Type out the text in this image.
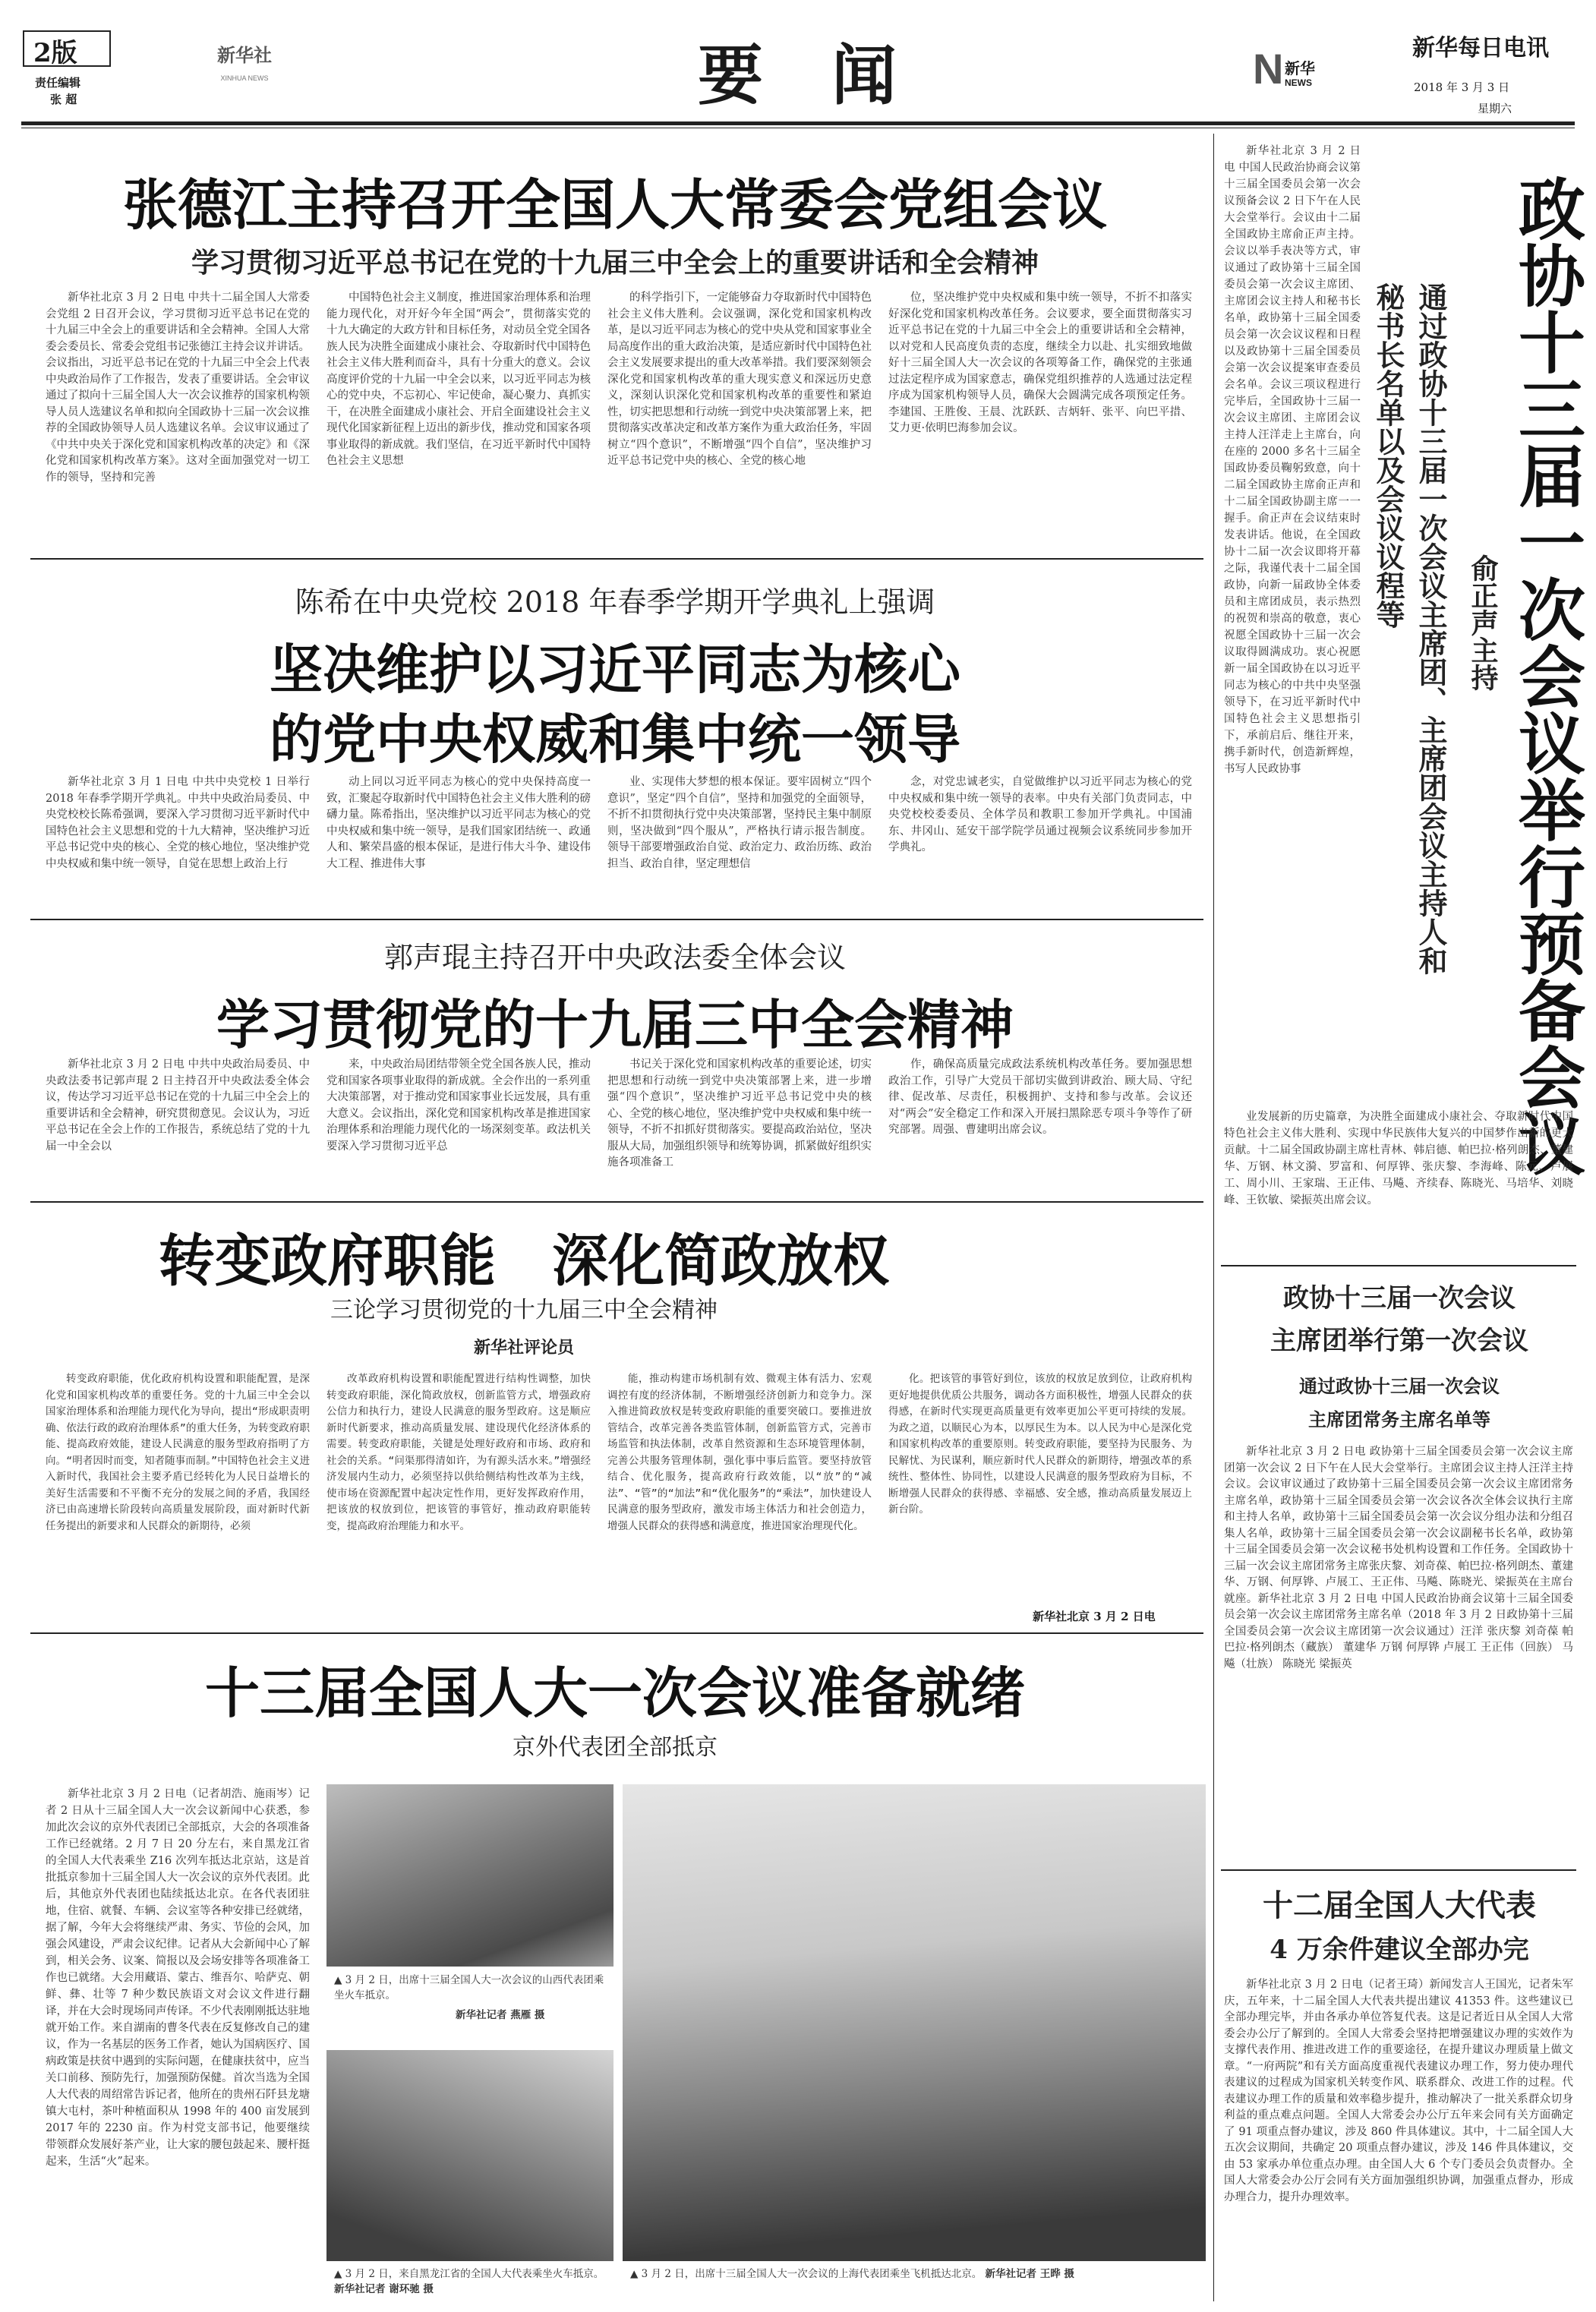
2版
责任编辑
张 超
新华社
XINHUA NEWS	要 闻	N 新华
NEWS
新华每日电讯
2018 年 3 月 3 日
星期六
张德江主持召开全国人大常委会党组会议
学习贯彻习近平总书记在党的十九届三中全会上的重要讲话和全会精神

新华社北京 3 月 2 日电 中共十二届全国人大常委会党组 2 日召开会议，学习贯彻习近平总书记在党的十九届三中全会上的重要讲话和全会精神。全国人大常委会委员长、常委会党组书记张德江主持会议并讲话。会议指出，习近平总书记在党的十九届三中全会上代表中央政治局作了工作报告，发表了重要讲话。全会审议通过了拟向十三届全国人大一次会议推荐的国家机构领导人员人选建议名单和拟向全国政协十三届一次会议推荐的全国政协领导人员人选建议名单。会议审议通过了《中共中央关于深化党和国家机构改革的决定》和《深化党和国家机构改革方案》。这对全面加强党对一切工作的领导，坚持和完善

中国特色社会主义制度，推进国家治理体系和治理能力现代化，对开好今年全国“两会”，贯彻落实党的十九大确定的大政方针和目标任务，对动员全党全国各族人民为决胜全面建成小康社会、夺取新时代中国特色社会主义伟大胜利而奋斗，具有十分重大的意义。会议高度评价党的十九届一中全会以来，以习近平同志为核心的党中央，不忘初心、牢记使命，凝心聚力、真抓实干，在决胜全面建成小康社会、开启全面建设社会主义现代化国家新征程上迈出的新步伐，推动党和国家各项事业取得的新成就。我们坚信，在习近平新时代中国特色社会主义思想

的科学指引下，一定能够奋力夺取新时代中国特色社会主义伟大胜利。会议强调，深化党和国家机构改革，是以习近平同志为核心的党中央从党和国家事业全局高度作出的重大政治决策，是适应新时代中国特色社会主义发展要求提出的重大改革举措。我们要深刻领会深化党和国家机构改革的重大现实意义和深远历史意义，深刻认识深化党和国家机构改革的重要性和紧迫性，切实把思想和行动统一到党中央决策部署上来，把贯彻落实改革决定和改革方案作为重大政治任务，牢固树立“四个意识”，不断增强“四个自信”，坚决维护习近平总书记党中央的核心、全党的核心地

位，坚决维护党中央权威和集中统一领导，不折不扣落实好深化党和国家机构改革任务。会议要求，要全面贯彻落实习近平总书记在党的十九届三中全会上的重要讲话和全会精神，以对党和人民高度负责的态度，继续全力以赴、扎实细致地做好十三届全国人大一次会议的各项筹备工作，确保党的主张通过法定程序成为国家意志，确保党组织推荐的人选通过法定程序成为国家机构领导人员，确保大会圆满完成各项预定任务。李建国、王胜俊、王晨、沈跃跃、吉炳轩、张平、向巴平措、艾力更·依明巴海参加会议。

陈希在中央党校 2018 年春季学期开学典礼上强调
坚决维护以习近平同志为核心
的党中央权威和集中统一领导

新华社北京 3 月 1 日电 中共中央党校 1 日举行 2018 年春季学期开学典礼。中共中央政治局委员、中央党校校长陈希强调，要深入学习贯彻习近平新时代中国特色社会主义思想和党的十九大精神，坚决维护习近平总书记党中央的核心、全党的核心地位，坚决维护党中央权威和集中统一领导，自觉在思想上政治上行

动上同以习近平同志为核心的党中央保持高度一致，汇聚起夺取新时代中国特色社会主义伟大胜利的磅礴力量。陈希指出，坚决维护以习近平同志为核心的党中央权威和集中统一领导，是我们国家团结统一、政通人和、繁荣昌盛的根本保证，是进行伟大斗争、建设伟大工程、推进伟大事

业、实现伟大梦想的根本保证。要牢固树立“四个意识”，坚定“四个自信”，坚持和加强党的全面领导，不折不扣贯彻执行党中央决策部署，坚持民主集中制原则，坚决做到“四个服从”，严格执行请示报告制度。领导干部要增强政治自觉、政治定力、政治历练、政治担当、政治自律，坚定理想信

念，对党忠诚老实，自觉做维护以习近平同志为核心的党中央权威和集中统一领导的表率。中央有关部门负责同志，中央党校校委委员、全体学员和教职工参加开学典礼。中国浦东、井冈山、延安干部学院学员通过视频会议系统同步参加开学典礼。

郭声琨主持召开中央政法委全体会议
学习贯彻党的十九届三中全会精神

新华社北京 3 月 2 日电 中共中央政治局委员、中央政法委书记郭声琨 2 日主持召开中央政法委全体会议，传达学习习近平总书记在党的十九届三中全会上的重要讲话和全会精神，研究贯彻意见。会议认为，习近平总书记在全会上作的工作报告，系统总结了党的十九届一中全会以

来，中央政治局团结带领全党全国各族人民，推动党和国家各项事业取得的新成就。全会作出的一系列重大决策部署，对于推动党和国家事业长远发展，具有重大意义。会议指出，深化党和国家机构改革是推进国家治理体系和治理能力现代化的一场深刻变革。政法机关要深入学习贯彻习近平总

书记关于深化党和国家机构改革的重要论述，切实把思想和行动统一到党中央决策部署上来，进一步增强“四个意识”，坚决维护习近平总书记党中央的核心、全党的核心地位，坚决维护党中央权威和集中统一领导，不折不扣抓好贯彻落实。要提高政治站位，坚决服从大局，加强组织领导和统筹协调，抓紧做好组织实施各项准备工

作，确保高质量完成政法系统机构改革任务。要加强思想政治工作，引导广大党员干部切实做到讲政治、顾大局、守纪律、促改革、尽责任，积极拥护、支持和参与改革。会议还对“两会”安全稳定工作和深入开展扫黑除恶专项斗争等作了研究部署。周强、曹建明出席会议。

转变政府职能　深化简政放权
三论学习贯彻党的十九届三中全会精神
新华社评论员

转变政府职能，优化政府机构设置和职能配置，是深化党和国家机构改革的重要任务。党的十九届三中全会以国家治理体系和治理能力现代化为导向，提出“形成职责明确、依法行政的政府治理体系”的重大任务，为转变政府职能、提高政府效能，建设人民满意的服务型政府指明了方向。“明者因时而变，知者随事而制。”中国特色社会主义进入新时代，我国社会主要矛盾已经转化为人民日益增长的美好生活需要和不平衡不充分的发展之间的矛盾，我国经济已由高速增长阶段转向高质量发展阶段，面对新时代新任务提出的新要求和人民群众的新期待，必须

改革政府机构设置和职能配置进行结构性调整，加快转变政府职能，深化简政放权，创新监管方式，增强政府公信力和执行力，建设人民满意的服务型政府。这是顺应新时代新要求，推动高质量发展、建设现代化经济体系的需要。转变政府职能，关键是处理好政府和市场、政府和社会的关系。“问渠那得清如许，为有源头活水来。”增强经济发展内生动力，必须坚持以供给侧结构性改革为主线，使市场在资源配置中起决定性作用，更好发挥政府作用，把该放的权放到位，把该管的事管好，推动政府职能转变，提高政府治理能力和水平。

能，推动构建市场机制有效、微观主体有活力、宏观调控有度的经济体制，不断增强经济创新力和竞争力。深入推进简政放权是转变政府职能的重要突破口。要推进放管结合，改革完善各类监管体制，创新监管方式，完善市场监管和执法体制，改革自然资源和生态环境管理体制，完善公共服务管理体制，强化事中事后监管。要坚持放管结合、优化服务，提高政府行政效能，以“放”的“减法”、“管”的“加法”和“优化服务”的“乘法”，加快建设人民满意的服务型政府，激发市场主体活力和社会创造力，增强人民群众的获得感和满意度，推进国家治理现代化。

化。把该管的事管好到位，该放的权放足放到位，让政府机构更好地提供优质公共服务，调动各方面积极性，增强人民群众的获得感，在新时代实现更高质量更有效率更加公平更可持续的发展。为政之道，以顺民心为本，以厚民生为本。以人民为中心是深化党和国家机构改革的重要原则。转变政府职能，要坚持为民服务、为民解忧、为民谋利，顺应新时代人民群众的新期待，增强改革的系统性、整体性、协同性，以建设人民满意的服务型政府为目标，不断增强人民群众的获得感、幸福感、安全感，推动高质量发展迈上新台阶。

新华社北京 3 月 2 日电
十三届全国人大一次会议准备就绪
京外代表团全部抵京

新华社北京 3 月 2 日电（记者胡浩、施雨岑）记者 2 日从十三届全国人大一次会议新闻中心获悉，参加此次会议的京外代表团已全部抵京，大会的各项准备工作已经就绪。2 月 7 日 20 分左右，来自黑龙江省的全国人大代表乘坐 Z16 次列车抵达北京站，这是首批抵京参加十三届全国人大一次会议的京外代表团。此后，其他京外代表团也陆续抵达北京。在各代表团驻地，住宿、就餐、车辆、会议室等各种安排已经就绪，据了解，今年大会将继续严肃、务实、节俭的会风，加强会风建设，严肃会议纪律。记者从大会新闻中心了解到，相关会务、议案、简报以及会场安排等各项准备工作也已就绪。大会用藏语、蒙古、维吾尔、哈萨克、朝鲜、彝、壮等 7 种少数民族语文对会议文件进行翻译，并在大会时现场同声传译。不少代表刚刚抵达驻地就开始工作。来自湖南的曹冬代表在反复修改自己的建议，作为一名基层的医务工作者，她认为国病医疗、国病政策是扶贫中遇到的实际问题，在健康扶贫中，应当关口前移、预防先行，加强预防保健。首次当选为全国人大代表的周绍常告诉记者，他所在的贵州石阡县龙塘镇大屯村，茶叶种植面积从 1998 年的 400 亩发展到 2017 年的 2230 亩。作为村党支部书记，他要继续带领群众发展好茶产业，让大家的腰包鼓起来、腰杆挺起来，生活“火”起来。

▲ 3 月 2 日，出席十三届全国人大一次会议的山西代表团乘坐火车抵京。
新华社记者 燕雁 摄
▲ 3 月 2 日，来自黑龙江省的全国人大代表乘坐火车抵京。 新华社记者 谢环驰 摄
▲ 3 月 2 日，出席十三届全国人大一次会议的上海代表团乘坐飞机抵达北京。 新华社记者 王晔 摄

新华社北京 3 月 2 日电 中国人民政治协商会议第十三届全国委员会第一次会议预备会议 2 日下午在人民大会堂举行。会议由十二届全国政协主席俞正声主持。会议以举手表决等方式，审议通过了政协第十三届全国委员会第一次会议主席团、主席团会议主持人和秘书长名单，政协第十三届全国委员会第一次会议议程和日程以及政协第十三届全国委员会第一次会议提案审查委员会名单。会议三项议程进行完毕后，全国政协十三届一次会议主席团、主席团会议主持人汪洋走上主席台，向在座的 2000 多名十三届全国政协委员鞠躬致意，向十二届全国政协主席俞正声和十二届全国政协副主席一一握手。俞正声在会议结束时发表讲话。他说，在全国政协十二届一次会议即将开幕之际，我谨代表十二届全国政协，向新一届政协全体委员和主席团成员，表示热烈的祝贺和崇高的敬意，衷心祝愿全国政协十三届一次会议取得圆满成功。衷心祝愿新一届全国政协在以习近平同志为核心的中共中央坚强领导下，在习近平新时代中国特色社会主义思想指引下，承前启后、继往开来，携手新时代，创造新辉煌，书写人民政协事	通过政协十三届一次会议主席团、主席团会议主持人和秘书长名单以及会议议程等	俞正声主持 政协十三届一次会议举行预备会议

业发展新的历史篇章，为决胜全面建成小康社会、夺取新时代中国特色社会主义伟大胜利、实现中华民族伟大复兴的中国梦作出新的更大贡献。十二届全国政协副主席杜青林、韩启德、帕巴拉·格列朗杰、董建华、万钢、林文漪、罗富和、何厚铧、张庆黎、李海峰、陈元、卢展工、周小川、王家瑞、王正伟、马飚、齐续春、陈晓光、马培华、刘晓峰、王钦敏、梁振英出席会议。

政协十三届一次会议
主席团举行第一次会议
通过政协十三届一次会议
主席团常务主席名单等

新华社北京 3 月 2 日电 政协第十三届全国委员会第一次会议主席团第一次会议 2 日下午在人民大会堂举行。主席团会议主持人汪洋主持会议。会议审议通过了政协第十三届全国委员会第一次会议主席团常务主席名单，政协第十三届全国委员会第一次会议各次全体会议执行主席和主持人名单，政协第十三届全国委员会第一次会议分组办法和分组召集人名单，政协第十三届全国委员会第一次会议副秘书长名单，政协第十三届全国委员会第一次会议秘书处机构设置和工作任务。全国政协十三届一次会议主席团常务主席张庆黎、刘奇葆、帕巴拉·格列朗杰、董建华、万钢、何厚铧、卢展工、王正伟、马飚、陈晓光、梁振英在主席台就座。新华社北京 3 月 2 日电 中国人民政治协商会议第十三届全国委员会第一次会议主席团常务主席名单（2018 年 3 月 2 日政协第十三届全国委员会第一次会议主席团第一次会议通过）汪洋 张庆黎 刘奇葆 帕巴拉·格列朗杰（藏族） 董建华 万钢 何厚铧 卢展工 王正伟（回族） 马飚（壮族） 陈晓光 梁振英

十二届全国人大代表
4 万余件建议全部办完

新华社北京 3 月 2 日电（记者王琦）新闻发言人王国光，记者朱军庆，五年来，十二届全国人大代表共提出建议 41353 件。这些建议已全部办理完毕，并由各承办单位答复代表。这是记者近日从全国人大常委会办公厅了解到的。全国人大常委会坚持把增强建议办理的实效作为支撑代表作用、推进改进工作的重要途径，在提升建议办理质量上做文章。“一府两院”和有关方面高度重视代表建议办理工作，努力使办理代表建议的过程成为国家机关转变作风、联系群众、改进工作的过程。代表建议办理工作的质量和效率稳步提升，推动解决了一批关系群众切身利益的重点难点问题。全国人大常委会办公厅五年来会同有关方面确定了 91 项重点督办建议，涉及 860 件具体建议。其中，十二届全国人大五次会议期间，共确定 20 项重点督办建议，涉及 146 件具体建议，交由 53 家承办单位重点办理。由全国人大 6 个专门委员会负责督办。全国人大常委会办公厅会同有关方面加强组织协调，加强重点督办，形成办理合力，提升办理效率。
